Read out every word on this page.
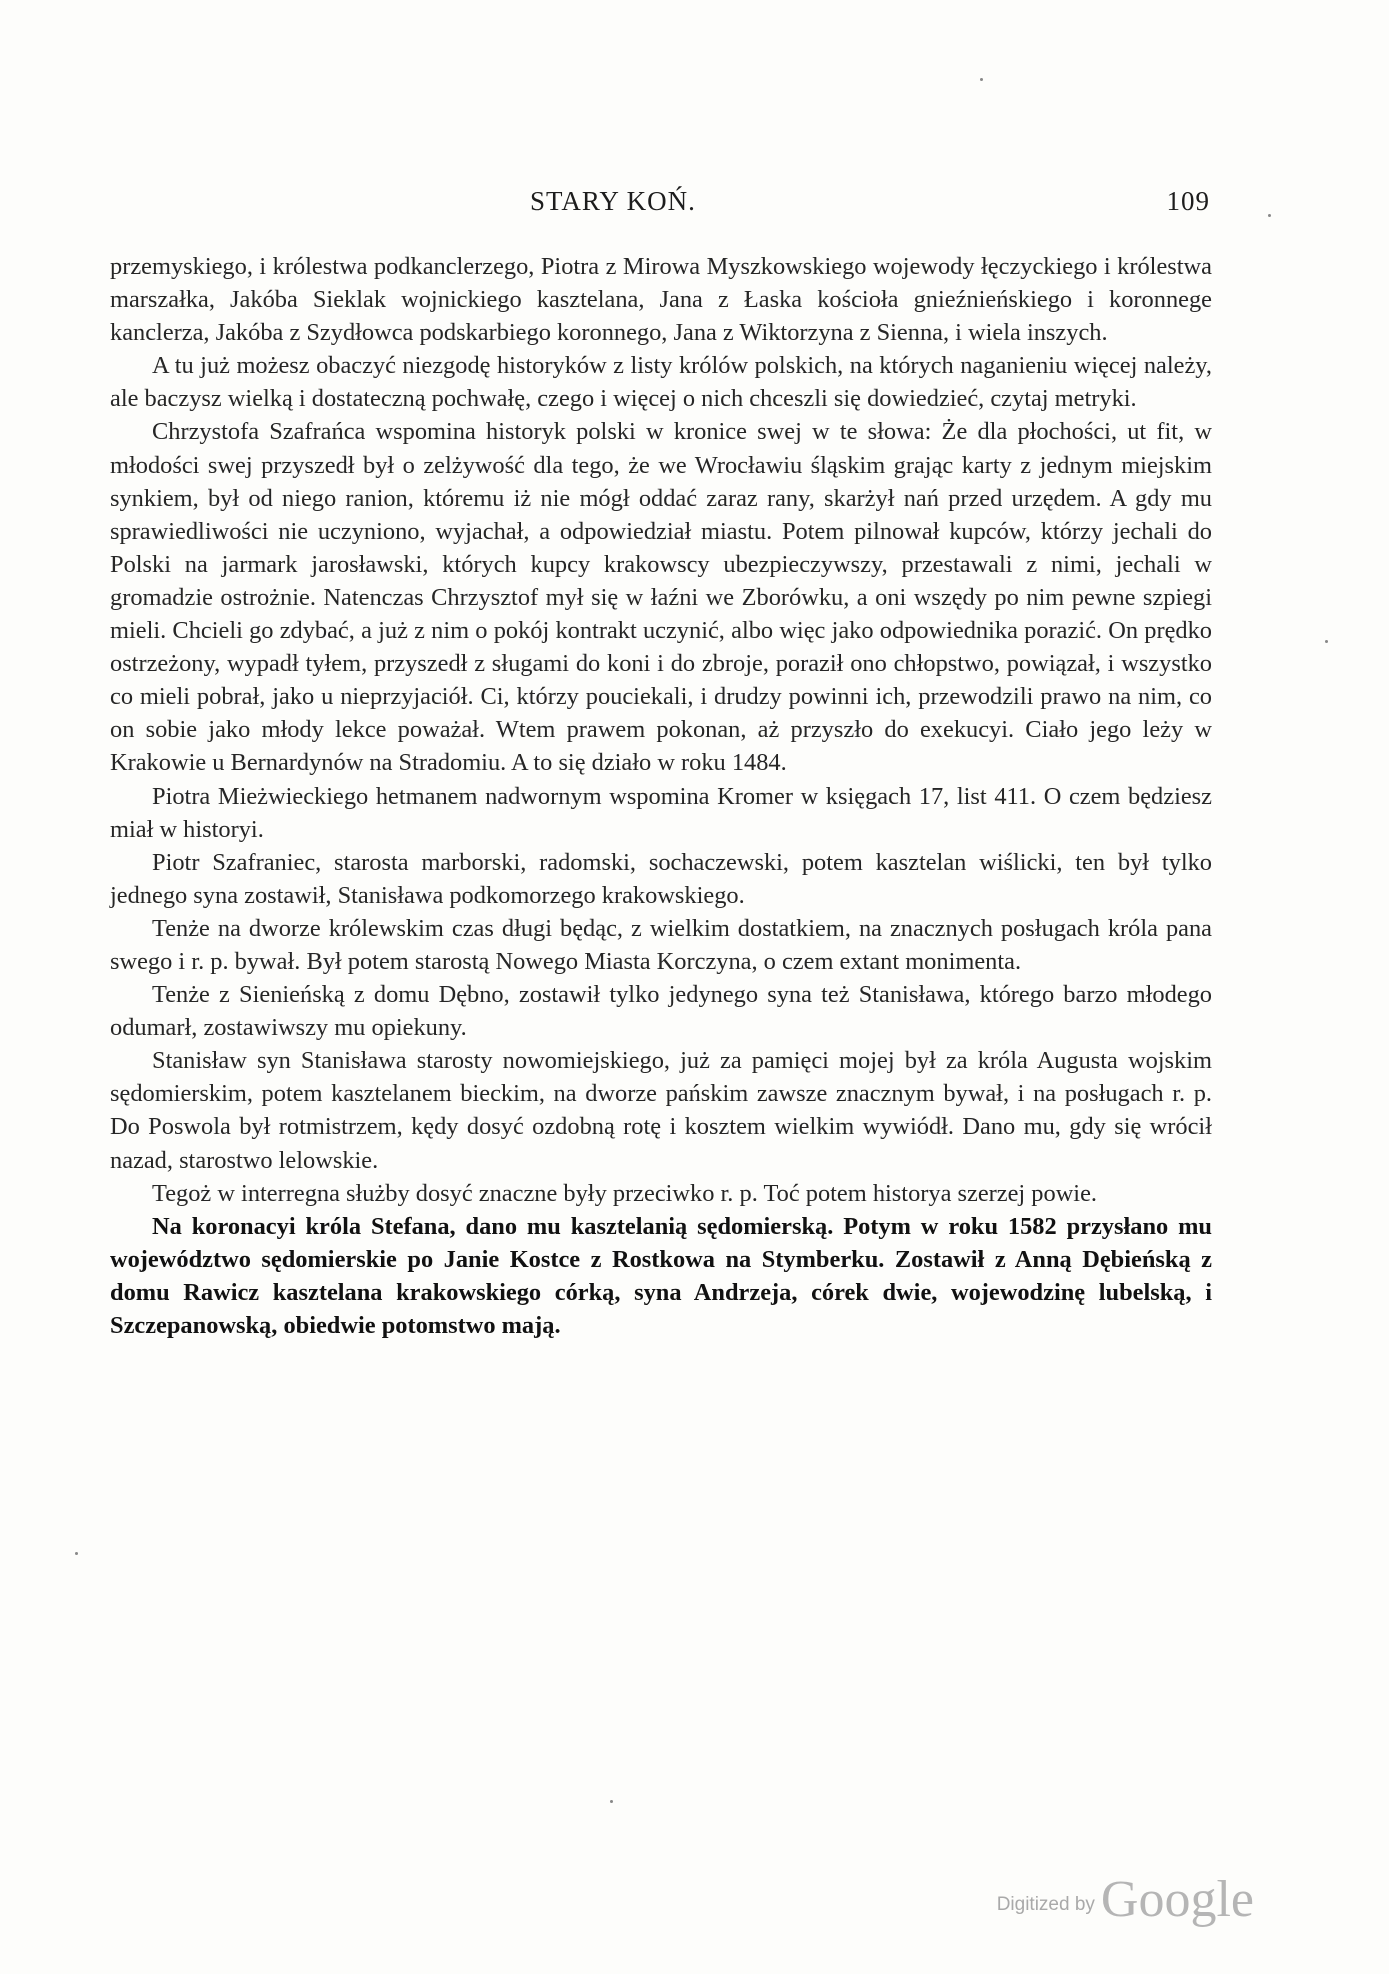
STARY KOŃ.	109

przemyskiego, i królestwa podkanclerzego, Piotra z Mirowa Myszkowskiego wojewody łęczyckiego i królestwa marszałka, Jakóba Sieklak wojnickiego kasztelana, Jana z Łaska kościoła gnieźnieńskiego i koronnege kanclerza, Jakóba z Szydłowca podskarbiego koronnego, Jana z Wiktorzyna z Sienna, i wiela inszych.

A tu już możesz obaczyć niezgodę historyków z listy królów polskich, na których naganieniu więcej należy, ale baczysz wielką i dostateczną pochwałę, czego i więcej o nich chceszli się dowiedzieć, czytaj metryki.

Chrzystofa Szafrańca wspomina historyk polski w kronice swej w te słowa: Że dla płochości, ut fit, w młodości swej przyszedł był o zelżywość dla tego, że we Wrocławiu śląskim grając karty z jednym miejskim synkiem, był od niego ranion, któremu iż nie mógł oddać zaraz rany, skarżył nań przed urzędem. A gdy mu sprawiedliwości nie uczyniono, wyjachał, a odpowiedział miastu. Potem pilnował kupców, którzy jechali do Polski na jarmark jarosławski, których kupcy krakowscy ubezpieczywszy, przestawali z nimi, jechali w gromadzie ostrożnie. Natenczas Chrzysztof mył się w łaźni we Zborówku, a oni wszędy po nim pewne szpiegi mieli. Chcieli go zdybać, a już z nim o pokój kontrakt uczynić, albo więc jako odpowiednika porazić. On prędko ostrzeżony, wypadł tyłem, przyszedł z sługami do koni i do zbroje, poraził ono chłopstwo, powiązał, i wszystko co mieli pobrał, jako u nieprzyjaciół. Ci, którzy pouciekali, i drudzy powinni ich, przewodzili prawo na nim, co on sobie jako młody lekce poważał. Wtem prawem pokonan, aż przyszło do exekucyi. Ciało jego leży w Krakowie u Bernardynów na Stradomiu. A to się działo w roku 1484.

Piotra Mieżwieckiego hetmanem nadwornym wspomina Kromer w księgach 17, list 411. O czem będziesz miał w historyi.

Piotr Szafraniec, starosta marborski, radomski, sochaczewski, potem kasztelan wiślicki, ten był tylko jednego syna zostawił, Stanisława podkomorzego krakowskiego.

Tenże na dworze królewskim czas długi będąc, z wielkim dostatkiem, na znacznych posługach króla pana swego i r. p. bywał. Był potem starostą Nowego Miasta Korczyna, o czem extant monimenta.

Tenże z Sienieńską z domu Dębno, zostawił tylko jedynego syna też Stanisława, którego barzo młodego odumarł, zostawiwszy mu opiekuny.

Stanisław syn Stanisława starosty nowomiejskiego, już za pamięci mojej był za króla Augusta wojskim sędomierskim, potem kasztelanem bieckim, na dworze pańskim zawsze znacznym bywał, i na posługach r. p. Do Poswola był rotmistrzem, kędy dosyć ozdobną rotę i kosztem wielkim wywiódł. Dano mu, gdy się wrócił nazad, starostwo lelowskie.

Tegoż w interregna służby dosyć znaczne były przeciwko r. p. Toć potem historya szerzej powie.

Na koronacyi króla Stefana, dano mu kasztelanią sędomierską. Potym w roku 1582 przysłano mu województwo sędomierskie po Janie Kostce z Rostkowa na Stymberku. Zostawił z Anną Dębieńską z domu Rawicz kasztelana krakowskiego córką, syna Andrzeja, córek dwie, wojewodzinę lubelską, i Szczepanowską, obiedwie potomstwo mają.

Digitized by Google
